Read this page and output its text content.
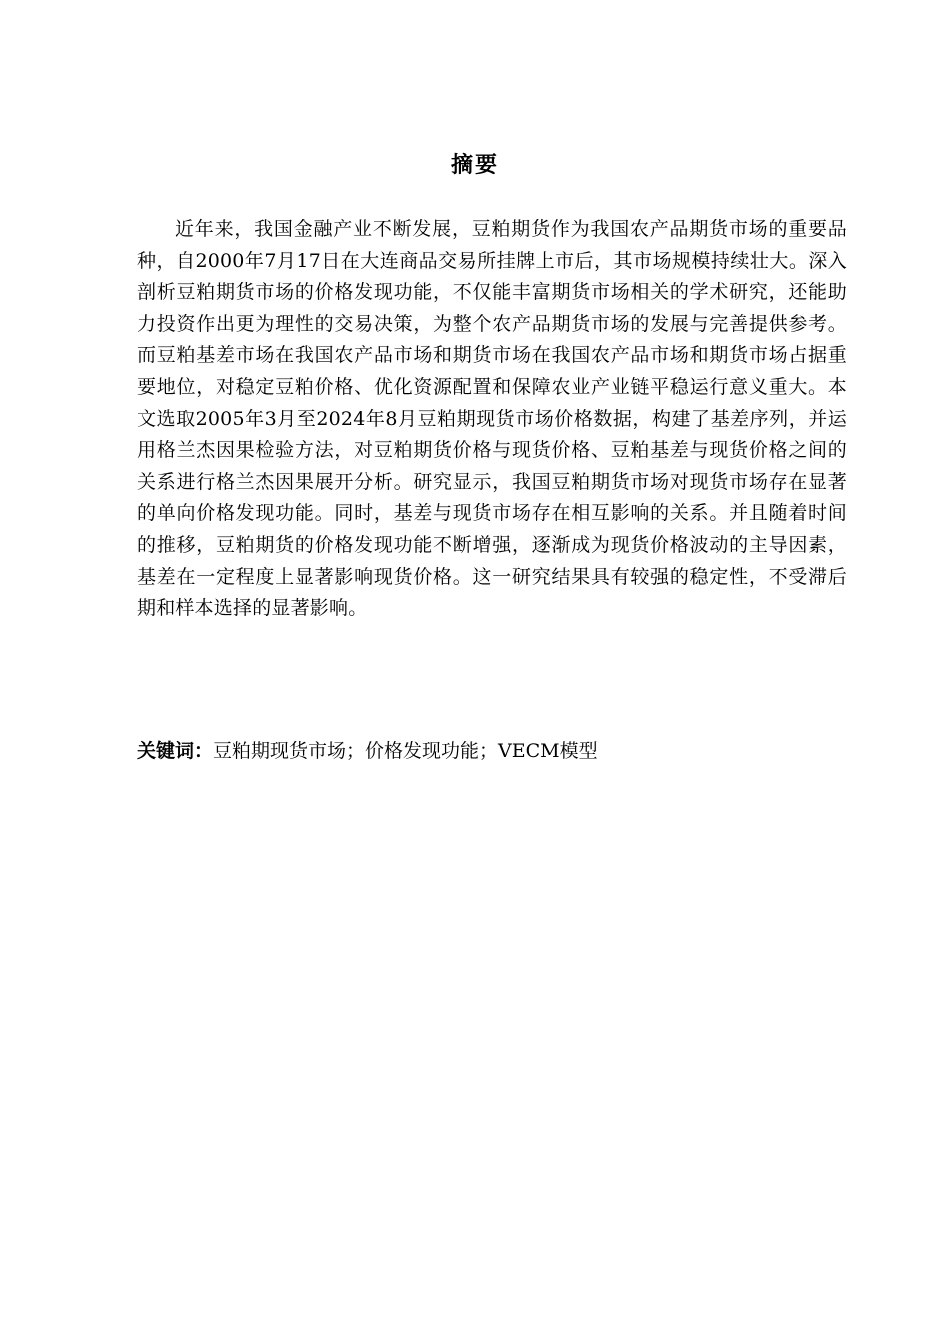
摘要

近年来，我国金融产业不断发展，豆粕期货作为我国农产品期货市场的重要品种，自2000年7月17日在大连商品交易所挂牌上市后，其市场规模持续壮大。深入剖析豆粕期货市场的价格发现功能，不仅能丰富期货市场相关的学术研究，还能助力投资作出更为理性的交易决策，为整个农产品期货市场的发展与完善提供参考。而豆粕基差市场在我国农产品市场和期货市场在我国农产品市场和期货市场占据重要地位，对稳定豆粕价格、优化资源配置和保障农业产业链平稳运行意义重大。本文选取2005年3月至2024年8月豆粕期现货市场价格数据，构建了基差序列，并运用格兰杰因果检验方法，对豆粕期货价格与现货价格、豆粕基差与现货价格之间的关系进行格兰杰因果展开分析。研究显示，我国豆粕期货市场对现货市场存在显著的单向价格发现功能。同时，基差与现货市场存在相互影响的关系。并且随着时间的推移，豆粕期货的价格发现功能不断增强，逐渐成为现货价格波动的主导因素，基差在一定程度上显著影响现货价格。这一研究结果具有较强的稳定性，不受滞后期和样本选择的显著影响。

关键词：豆粕期现货市场；价格发现功能；VECM模型
